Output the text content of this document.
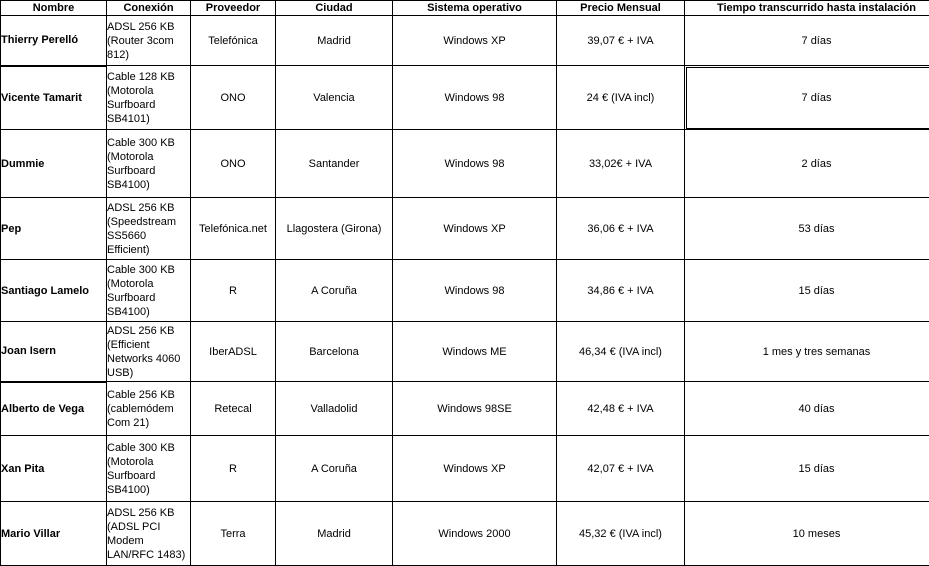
Nombre	Conexión	Proveedor	Ciudad	Sistema operativo	Precio Mensual	Tiempo transcurrido hasta instalación
Thierry Perelló	ADSL 256 KB
(Router 3com
812)	Telefónica	Madrid	Windows XP	39,07 € + IVA	7 días
Vicente Tamarit	Cable 128 KB
(Motorola
Surfboard
SB4101)	ONO	Valencia	Windows 98	24 € (IVA incl)	7 días
Dummie	Cable 300 KB
(Motorola
Surfboard
SB4100)	ONO	Santander	Windows 98	33,02€ + IVA	2 días
Pep	ADSL 256 KB
(Speedstream
SS5660
Efficient)	Telefónica.net	Llagostera (Girona)	Windows XP	36,06 € + IVA	53 días
Santiago Lamelo	Cable 300 KB
(Motorola
Surfboard
SB4100)	R	A Coruña	Windows 98	34,86 € + IVA	15 días
Joan Isern	ADSL 256 KB
(Efficient
Networks 4060
USB)	IberADSL	Barcelona	Windows ME	46,34 € (IVA incl)	1 mes y tres semanas
Alberto de Vega	Cable 256 KB
(cablemódem
Com 21)	Retecal	Valladolid	Windows 98SE	42,48 € + IVA	40 días
Xan Pita	Cable 300 KB
(Motorola
Surfboard
SB4100)	R	A Coruña	Windows XP	42,07 € + IVA	15 días
Mario Villar	ADSL 256 KB
(ADSL PCI
Modem
LAN/RFC 1483)	Terra	Madrid	Windows 2000	45,32 € (IVA incl)	10 meses
